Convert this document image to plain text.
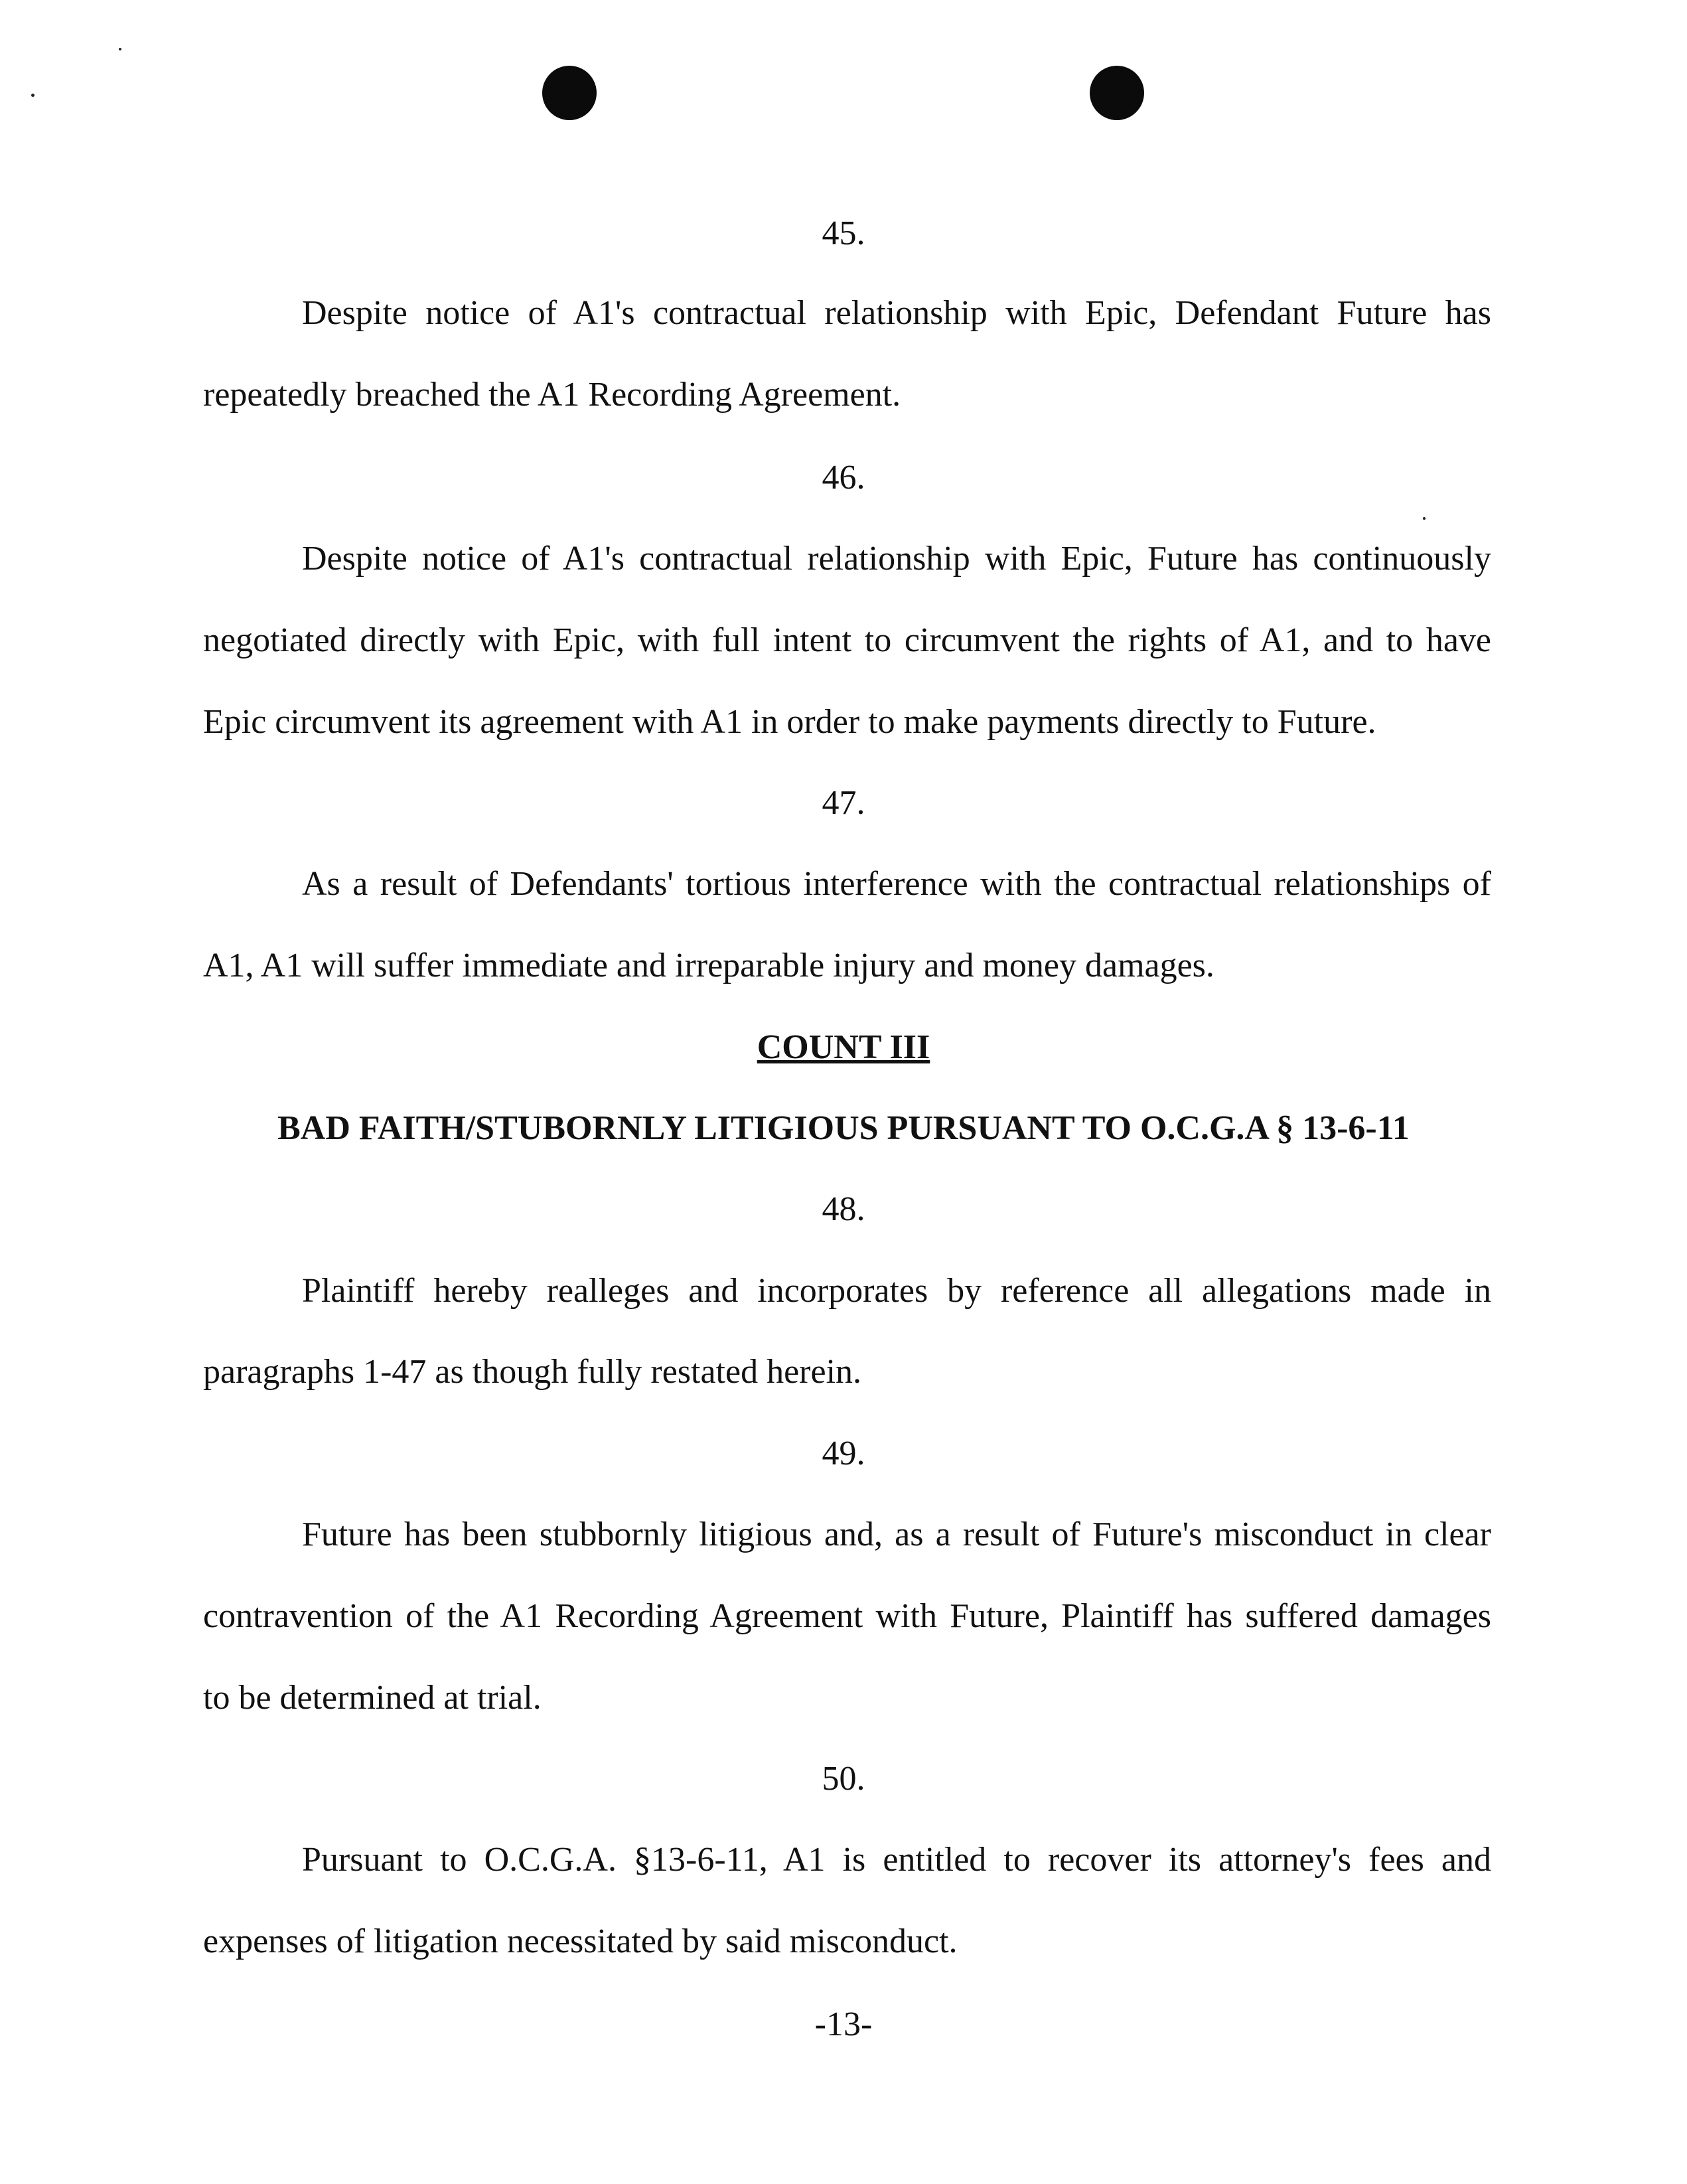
45.
Despite notice of A1's contractual relationship with Epic, Defendant Future has
repeatedly breached the A1 Recording Agreement.
46.
Despite notice of A1's contractual relationship with Epic, Future has continuously
negotiated directly with Epic, with full intent to circumvent the rights of A1, and to have
Epic circumvent its agreement with A1 in order to make payments directly to Future.
47.
As a result of Defendants' tortious interference with the contractual relationships of
A1, A1 will suffer immediate and irreparable injury and money damages.
COUNT III
BAD FAITH/STUBORNLY LITIGIOUS PURSUANT TO O.C.G.A § 13-6-11
48.
Plaintiff hereby realleges and incorporates by reference all allegations made in
paragraphs 1-47 as though fully restated herein.
49.
Future has been stubbornly litigious and, as a result of Future's misconduct in clear
contravention of the A1 Recording Agreement with Future, Plaintiff has suffered damages
to be determined at trial.
50.
Pursuant to O.C.G.A. §13-6-11, A1 is entitled to recover its attorney's fees and
expenses of litigation necessitated by said misconduct.
-13-
